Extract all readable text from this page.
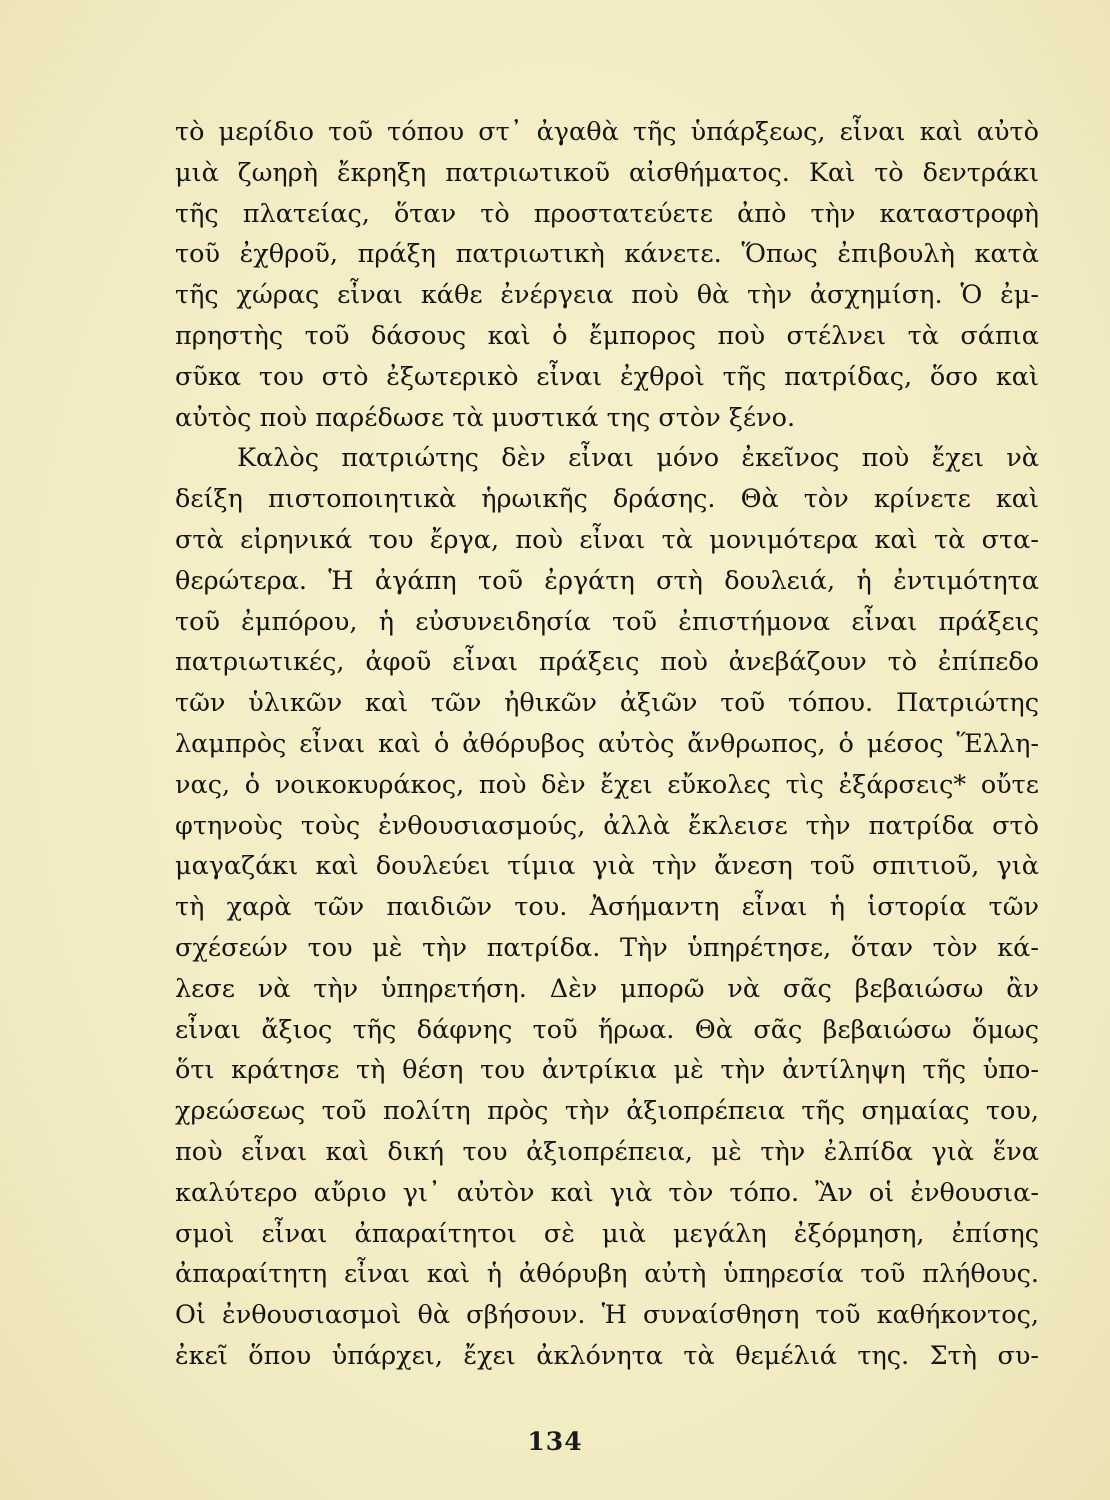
τὸ μερίδιο τοῦ τόπου στ᾿ ἀγαθὰ τῆς ὑπάρξεως, εἶναι καὶ αὐτὸ
μιὰ ζωηρὴ ἔκρηξη πατριωτικοῦ αἰσθήματος. Καὶ τὸ δεντράκι
τῆς πλατείας, ὅταν τὸ προστατεύετε ἀπὸ τὴν καταστροφὴ
τοῦ ἐχθροῦ, πράξη πατριωτικὴ κάνετε. Ὅπως ἐπιβουλὴ κατὰ
τῆς χώρας εἶναι κάθε ἐνέργεια ποὺ θὰ τὴν ἀσχημίση. Ὁ ἐμ-
πρηστὴς τοῦ δάσους καὶ ὁ ἔμπορος ποὺ στέλνει τὰ σάπια
σῦκα του στὸ ἐξωτερικὸ εἶναι ἐχθροὶ τῆς πατρίδας, ὅσο καὶ
αὐτὸς ποὺ παρέδωσε τὰ μυστικά της στὸν ξένο.
Καλὸς πατριώτης δὲν εἶναι μόνο ἐκεῖνος ποὺ ἔχει νὰ
δείξη πιστοποιητικὰ ἡρωικῆς δράσης. Θὰ τὸν κρίνετε καὶ
στὰ εἰρηνικά του ἔργα, ποὺ εἶναι τὰ μονιμότερα καὶ τὰ στα-
θερώτερα. Ἡ ἀγάπη τοῦ ἐργάτη στὴ δουλειά, ἡ ἐντιμότητα
τοῦ ἐμπόρου, ἡ εὐσυνειδησία τοῦ ἐπιστήμονα εἶναι πράξεις
πατριωτικές, ἀφοῦ εἶναι πράξεις ποὺ ἀνεβάζουν τὸ ἐπίπεδο
τῶν ὑλικῶν καὶ τῶν ἠθικῶν ἀξιῶν τοῦ τόπου. Πατριώτης
λαμπρὸς εἶναι καὶ ὁ ἀθόρυβος αὐτὸς ἄνθρωπος, ὁ μέσος Ἕλλη-
νας, ὁ νοικοκυράκος, ποὺ δὲν ἔχει εὔκολες τὶς ἐξάρσεις* οὔτε
φτηνοὺς τοὺς ἐνθουσιασμούς, ἀλλὰ ἔκλεισε τὴν πατρίδα στὸ
μαγαζάκι καὶ δουλεύει τίμια γιὰ τὴν ἄνεση τοῦ σπιτιοῦ, γιὰ
τὴ χαρὰ τῶν παιδιῶν του. Ἀσήμαντη εἶναι ἡ ἱστορία τῶν
σχέσεών του μὲ τὴν πατρίδα. Τὴν ὑπηρέτησε, ὅταν τὸν κά-
λεσε νὰ τὴν ὑπηρετήση. Δὲν μπορῶ νὰ σᾶς βεβαιώσω ἂν
εἶναι ἄξιος τῆς δάφνης τοῦ ἥρωα. Θὰ σᾶς βεβαιώσω ὅμως
ὅτι κράτησε τὴ θέση του ἀντρίκια μὲ τὴν ἀντίληψη τῆς ὑπο-
χρεώσεως τοῦ πολίτη πρὸς τὴν ἀξιοπρέπεια τῆς σημαίας του,
ποὺ εἶναι καὶ δική του ἀξιοπρέπεια, μὲ τὴν ἐλπίδα γιὰ ἕνα
καλύτερο αὔριο γι᾿ αὐτὸν καὶ γιὰ τὸν τόπο. Ἂν οἱ ἐνθουσια-
σμοὶ εἶναι ἀπαραίτητοι σὲ μιὰ μεγάλη ἐξόρμηση, ἐπίσης
ἀπαραίτητη εἶναι καὶ ἡ ἀθόρυβη αὐτὴ ὑπηρεσία τοῦ πλήθους.
Οἱ ἐνθουσιασμοὶ θὰ σβήσουν. Ἡ συναίσθηση τοῦ καθήκοντος,
ἐκεῖ ὅπου ὑπάρχει, ἔχει ἀκλόνητα τὰ θεμέλιά της. Στὴ συ-
134
